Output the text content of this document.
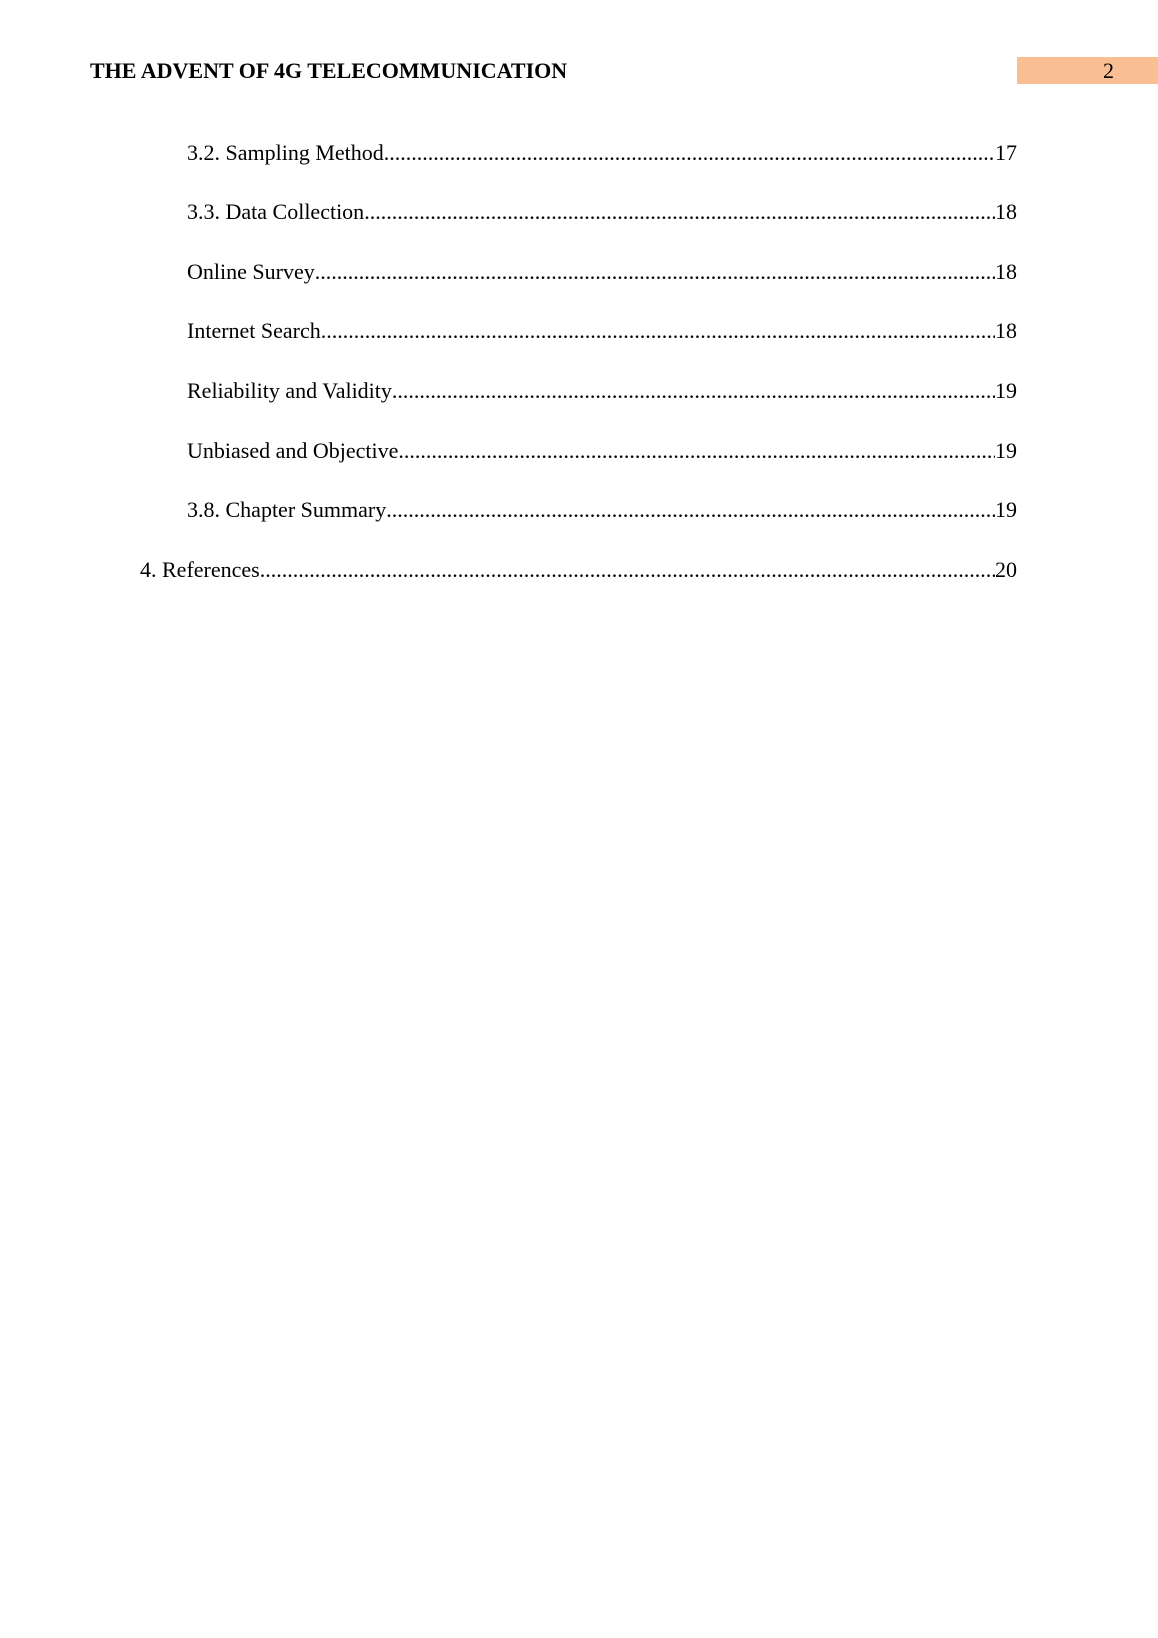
THE ADVENT OF 4G TELECOMMUNICATION	2
3.2. Sampling Method .....	17
3.3. Data Collection .....	18
Online Survey .....	18
Internet Search .....	18
Reliability and Validity .....	19
Unbiased and Objective .....	19
3.8. Chapter Summary .....	19
4. References .....	20
